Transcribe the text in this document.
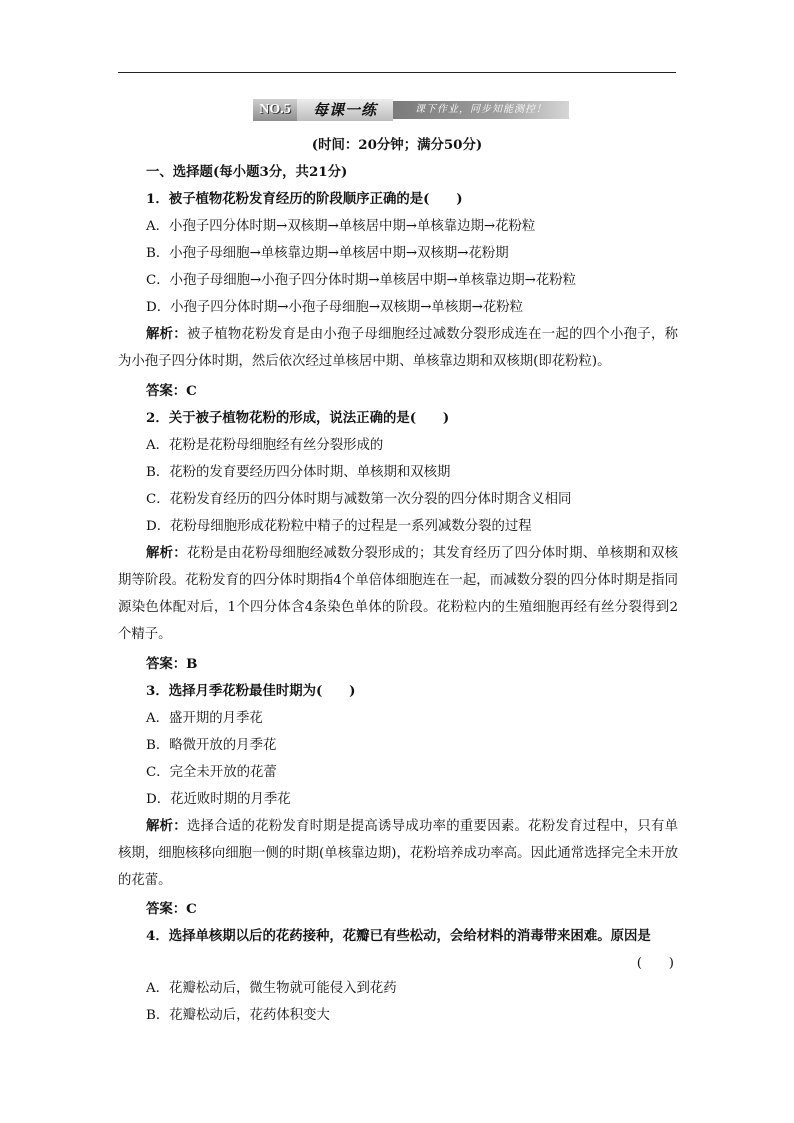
NO.5	每课一练	课下作业，同步知能测控！
(时间：20分钟；满分50分)
一、选择题(每小题3分，共21分)
1．被子植物花粉发育经历的阶段顺序正确的是(　　)
A．小孢子四分体时期→双核期→单核居中期→单核靠边期→花粉粒
B．小孢子母细胞→单核靠边期→单核居中期→双核期→花粉期
C．小孢子母细胞→小孢子四分体时期→单核居中期→单核靠边期→花粉粒
D．小孢子四分体时期→小孢子母细胞→双核期→单核期→花粉粒
解析：被子植物花粉发育是由小孢子母细胞经过减数分裂形成连在一起的四个小孢子，称为小孢子四分体时期，然后依次经过单核居中期、单核靠边期和双核期(即花粉粒)。
答案：C
2．关于被子植物花粉的形成，说法正确的是(　　)
A．花粉是花粉母细胞经有丝分裂形成的
B．花粉的发育要经历四分体时期、单核期和双核期
C．花粉发育经历的四分体时期与减数第一次分裂的四分体时期含义相同
D．花粉母细胞形成花粉粒中精子的过程是一系列减数分裂的过程
解析：花粉是由花粉母细胞经减数分裂形成的；其发育经历了四分体时期、单核期和双核期等阶段。花粉发育的四分体时期指4个单倍体细胞连在一起，而减数分裂的四分体时期是指同源染色体配对后，1个四分体含4条染色单体的阶段。花粉粒内的生殖细胞再经有丝分裂得到2个精子。
答案：B
3．选择月季花粉最佳时期为(　　)
A．盛开期的月季花
B．略微开放的月季花
C．完全未开放的花蕾
D．花近败时期的月季花
解析：选择合适的花粉发育时期是提高诱导成功率的重要因素。花粉发育过程中，只有单核期，细胞核移向细胞一侧的时期(单核靠边期)，花粉培养成功率高。因此通常选择完全未开放的花蕾。
答案：C
4．选择单核期以后的花药接种，花瓣已有些松动，会给材料的消毒带来困难。原因是
(　　)
A．花瓣松动后，微生物就可能侵入到花药
B．花瓣松动后，花药体积变大
